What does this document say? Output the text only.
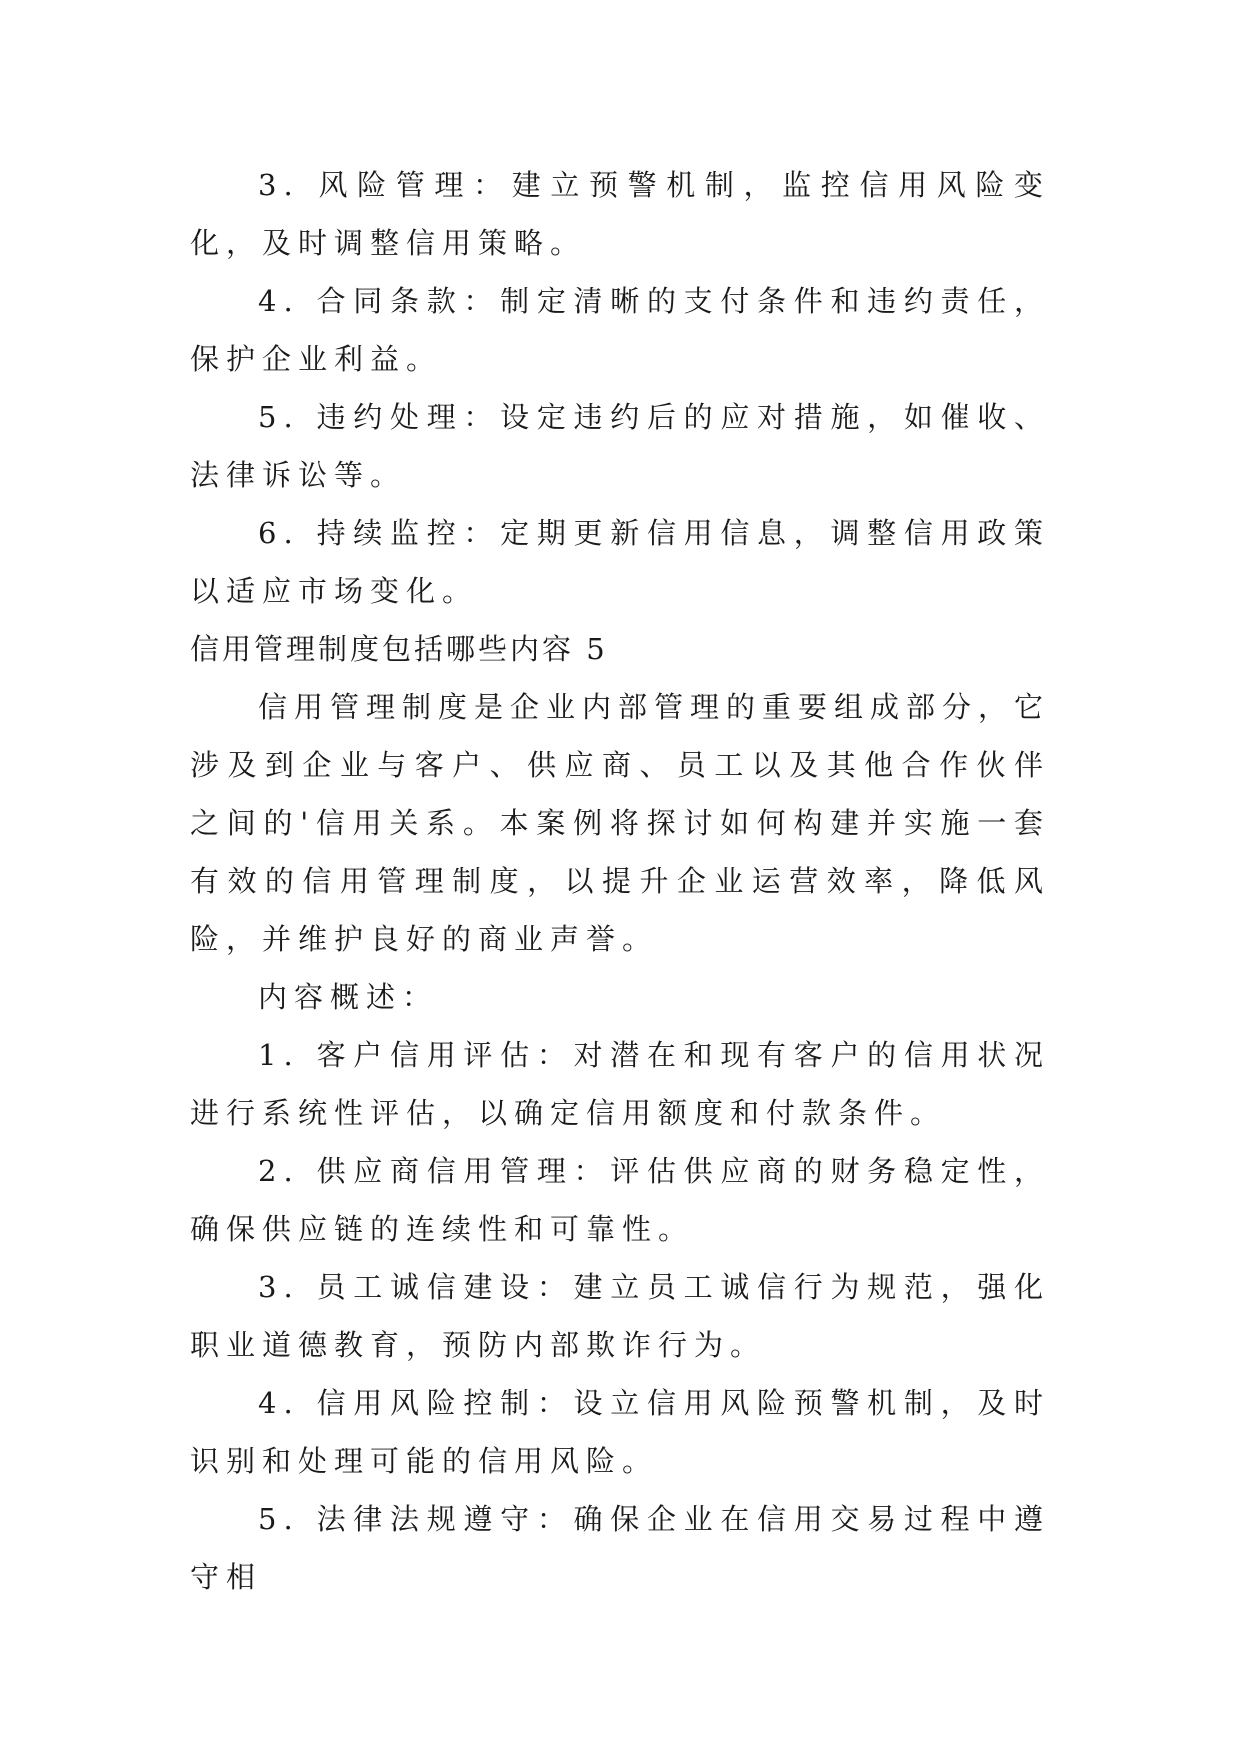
3. 风险管理：建立预警机制，监控信用风险变化，及时调整信用策略。

4. 合同条款：制定清晰的支付条件和违约责任，保护企业利益。

5. 违约处理：设定违约后的应对措施，如催收、法律诉讼等。

6. 持续监控：定期更新信用信息，调整信用政策以适应市场变化。

信用管理制度包括哪些内容 5

信用管理制度是企业内部管理的重要组成部分，它涉及到企业与客户、供应商、员工以及其他合作伙伴之间的'信用关系。本案例将探讨如何构建并实施一套有效的信用管理制度，以提升企业运营效率，降低风险，并维护良好的商业声誉。

内容概述：

1. 客户信用评估：对潜在和现有客户的信用状况进行系统性评估，以确定信用额度和付款条件。

2. 供应商信用管理：评估供应商的财务稳定性，确保供应链的连续性和可靠性。

3. 员工诚信建设：建立员工诚信行为规范，强化职业道德教育，预防内部欺诈行为。

4. 信用风险控制：设立信用风险预警机制，及时识别和处理可能的信用风险。

5. 法律法规遵守：确保企业在信用交易过程中遵守相
